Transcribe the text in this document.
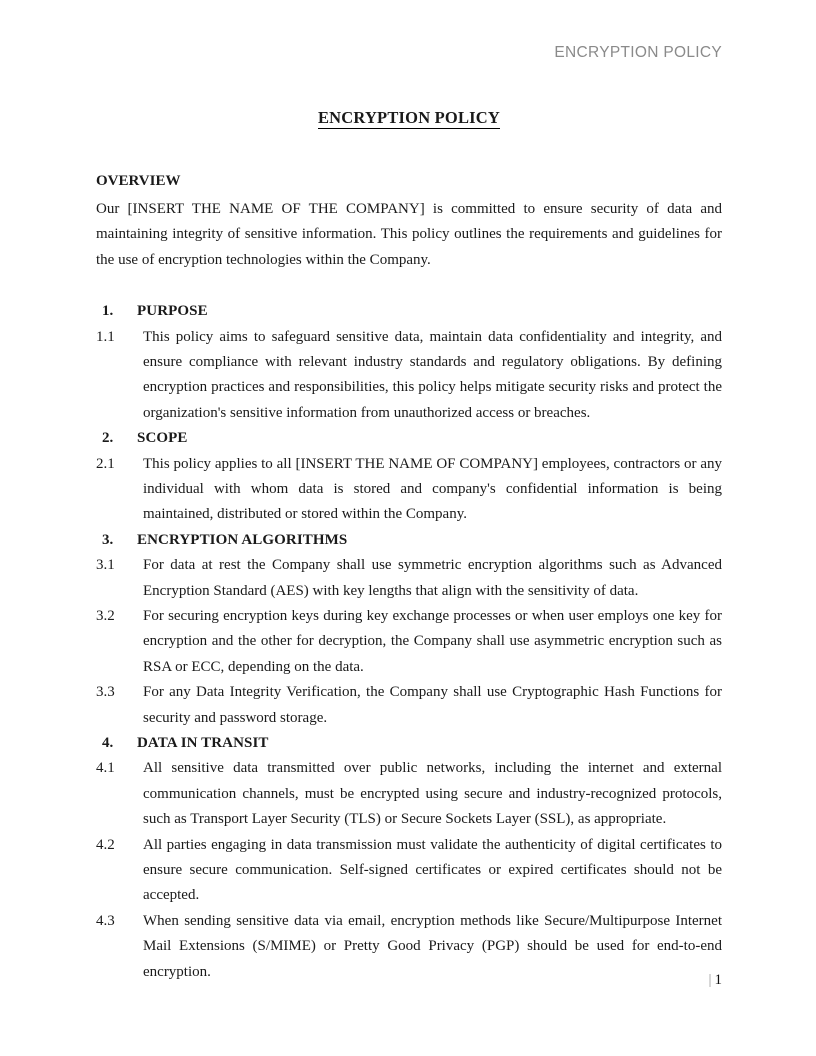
ENCRYPTION POLICY
ENCRYPTION POLICY
OVERVIEW

Our [INSERT THE NAME OF THE COMPANY] is committed to ensure security of data and maintaining integrity of sensitive information. This policy outlines the requirements and guidelines for the use of encryption technologies within the Company.

1.	PURPOSE
1.1	This policy aims to safeguard sensitive data, maintain data confidentiality and integrity, and ensure compliance with relevant industry standards and regulatory obligations. By defining encryption practices and responsibilities, this policy helps mitigate security risks and protect the organization's sensitive information from unauthorized access or breaches.
2.	SCOPE
2.1	This policy applies to all [INSERT THE NAME OF COMPANY] employees, contractors or any individual with whom data is stored and company's confidential information is being maintained, distributed or stored within the Company.
3.	ENCRYPTION ALGORITHMS
3.1	For data at rest the Company shall use symmetric encryption algorithms such as Advanced Encryption Standard (AES) with key lengths that align with the sensitivity of data.
3.2	For securing encryption keys during key exchange processes or when user employs one key for encryption and the other for decryption, the Company shall use asymmetric encryption such as RSA or ECC, depending on the data.
3.3	For any Data Integrity Verification, the Company shall use Cryptographic Hash Functions for security and password storage.
4.	DATA IN TRANSIT
4.1	All sensitive data transmitted over public networks, including the internet and external communication channels, must be encrypted using secure and industry-recognized protocols, such as Transport Layer Security (TLS) or Secure Sockets Layer (SSL), as appropriate.
4.2	All parties engaging in data transmission must validate the authenticity of digital certificates to ensure secure communication. Self-signed certificates or expired certificates should not be accepted.
4.3	When sending sensitive data via email, encryption methods like Secure/Multipurpose Internet Mail Extensions (S/MIME) or Pretty Good Privacy (PGP) should be used for end-to-end encryption.
| 1
